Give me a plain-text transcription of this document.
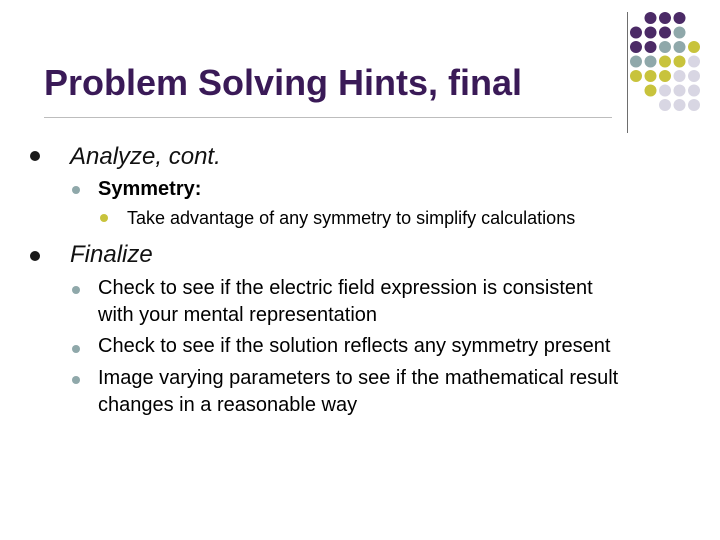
Problem Solving Hints, final
Analyze, cont.
Symmetry:
Take advantage of any symmetry to simplify calculations
Finalize
Check to see if the electric field expression is consistent
with your mental representation
Check to see if the solution reflects any symmetry present
Image varying parameters to see if the mathematical result
changes in a reasonable way
